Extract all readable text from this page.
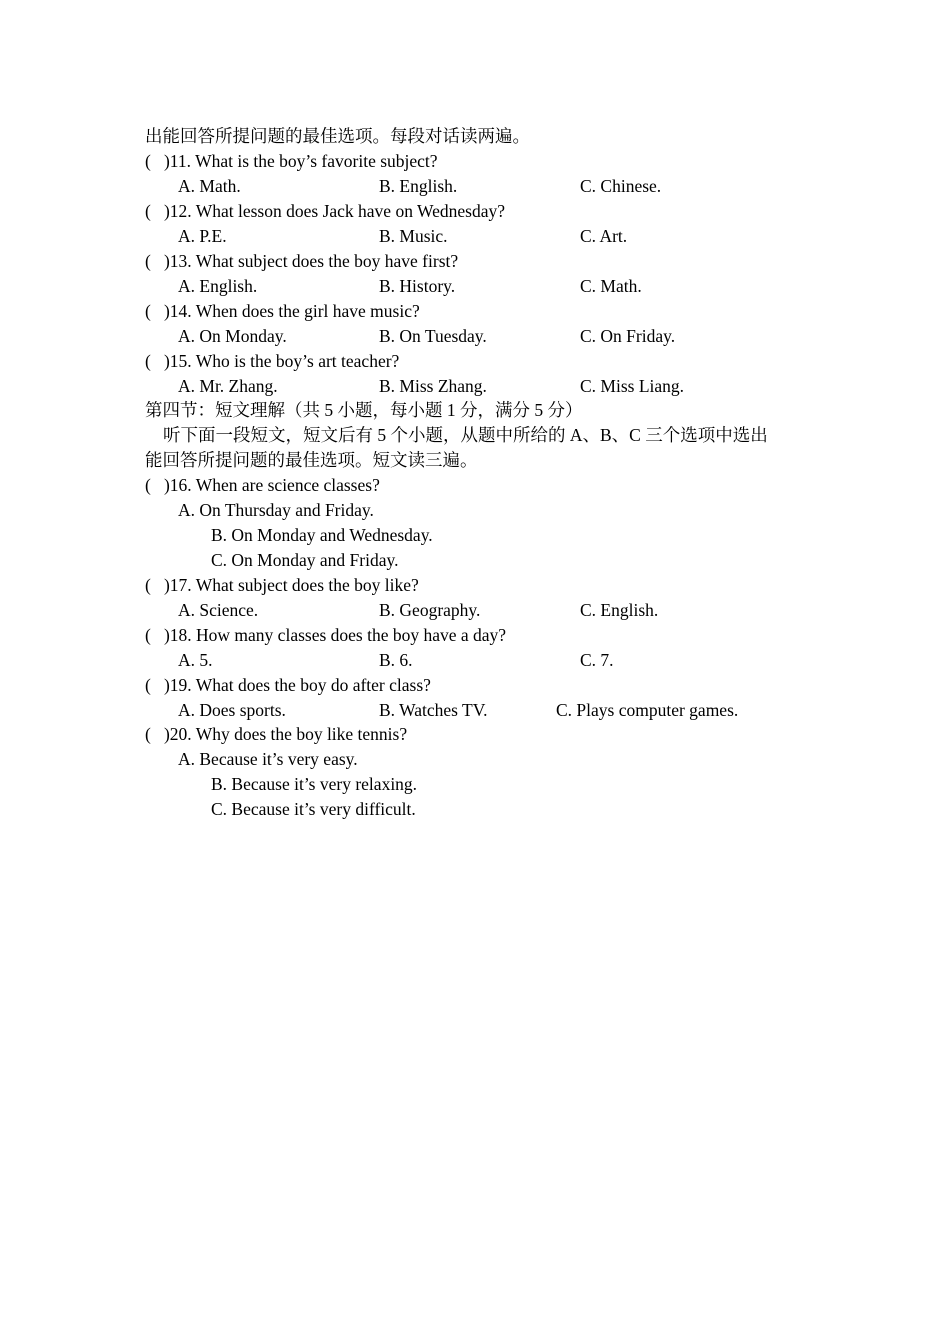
出能回答所提问题的最佳选项。每段对话读两遍。
( )11. What is the boy’s favorite subject?
A. Math.	B. English.	C. Chinese.
( )12. What lesson does Jack have on Wednesday?
A. P.E.	B. Music.	C. Art.
( )13. What subject does the boy have first?
A. English.	B. History.	C. Math.
( )14. When does the girl have music?
A. On Monday.	B. On Tuesday.	C. On Friday.
( )15. Who is the boy’s art teacher?
A. Mr. Zhang.	B. Miss Zhang.	C. Miss Liang.
第四节：短文理解（共 5 小题，每小题 1 分，满分 5 分）
听下面一段短文，短文后有 5 个小题，从题中所给的 A、B、C 三个选项中选出
能回答所提问题的最佳选项。短文读三遍。
( )16. When are science classes?
A. On Thursday and Friday.
B. On Monday and Wednesday.
C. On Monday and Friday.
( )17. What subject does the boy like?
A. Science.	B. Geography.	C. English.
( )18. How many classes does the boy have a day?
A. 5.	B. 6.	C. 7.
( )19. What does the boy do after class?
A. Does sports.	B. Watches TV.	C. Plays computer games.
( )20. Why does the boy like tennis?
A. Because it’s very easy.
B. Because it’s very relaxing.
C. Because it’s very difficult.
